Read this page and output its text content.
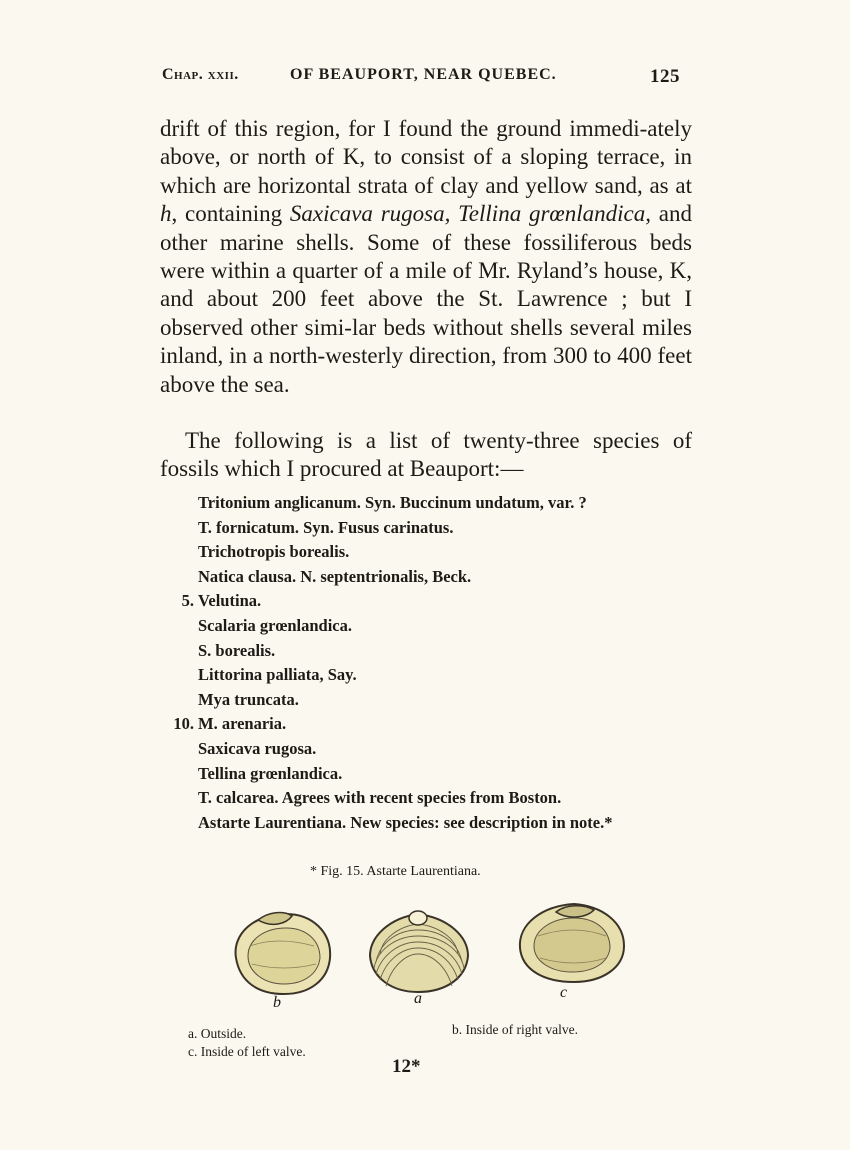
Chap. xxii.	OF BEAUPORT, NEAR QUEBEC.	125

drift of this region, for I found the ground immedi-ately above, or north of K, to consist of a sloping terrace, in which are horizontal strata of clay and yellow sand, as at h, containing Saxicava rugosa, Tellina grœnlandica, and other marine shells. Some of these fossiliferous beds were within a quarter of a mile of Mr. Ryland’s house, K, and about 200 feet above the St. Lawrence ; but I observed other simi-lar beds without shells several miles inland, in a north-westerly direction, from 300 to 400 feet above the sea.

The following is a list of twenty-three species of fossils which I procured at Beauport:—

Tritonium anglicanum. Syn. Buccinum undatum, var. ?
T. fornicatum. Syn. Fusus carinatus.
Trichotropis borealis.
Natica clausa. N. septentrionalis, Beck.
5. Velutina.
Scalaria grœnlandica.
S. borealis.
Littorina palliata, Say.
Mya truncata.
10. M. arenaria.
Saxicava rugosa.
Tellina grœnlandica.
T. calcarea. Agrees with recent species from Boston.
Astarte Laurentiana. New species: see description in note.*
* Fig. 15. Astarte Laurentiana.
b	a	c
a. Outside.	b. Inside of right valve.
c. Inside of left valve.
12*
